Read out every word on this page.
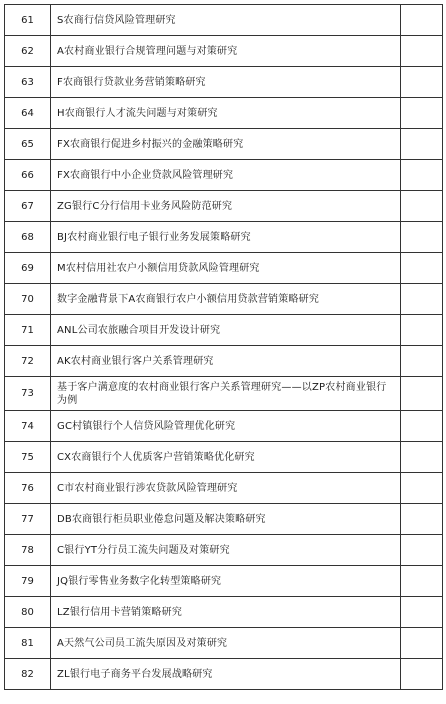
61	S农商行信贷风险管理研究	
62	A农村商业银行合规管理问题与对策研究	
63	F农商银行贷款业务营销策略研究	
64	H农商银行人才流失问题与对策研究	
65	FX农商银行促进乡村振兴的金融策略研究	
66	FX农商银行中小企业贷款风险管理研究	
67	ZG银行C分行信用卡业务风险防范研究	
68	BJ农村商业银行电子银行业务发展策略研究	
69	M农村信用社农户小额信用贷款风险管理研究	
70	数字金融背景下A农商银行农户小额信用贷款营销策略研究	
71	ANL公司农旅融合项目开发设计研究	
72	AK农村商业银行客户关系管理研究	
73	基于客户满意度的农村商业银行客户关系管理研究——以ZP农村商业银行为例	
74	GC村镇银行个人信贷风险管理优化研究	
75	CX农商银行个人优质客户营销策略优化研究	
76	C市农村商业银行涉农贷款风险管理研究	
77	DB农商银行柜员职业倦怠问题及解决策略研究	
78	C银行YT分行员工流失问题及对策研究	
79	JQ银行零售业务数字化转型策略研究	
80	LZ银行信用卡营销策略研究	
81	A天然气公司员工流失原因及对策研究	
82	ZL银行电子商务平台发展战略研究	
